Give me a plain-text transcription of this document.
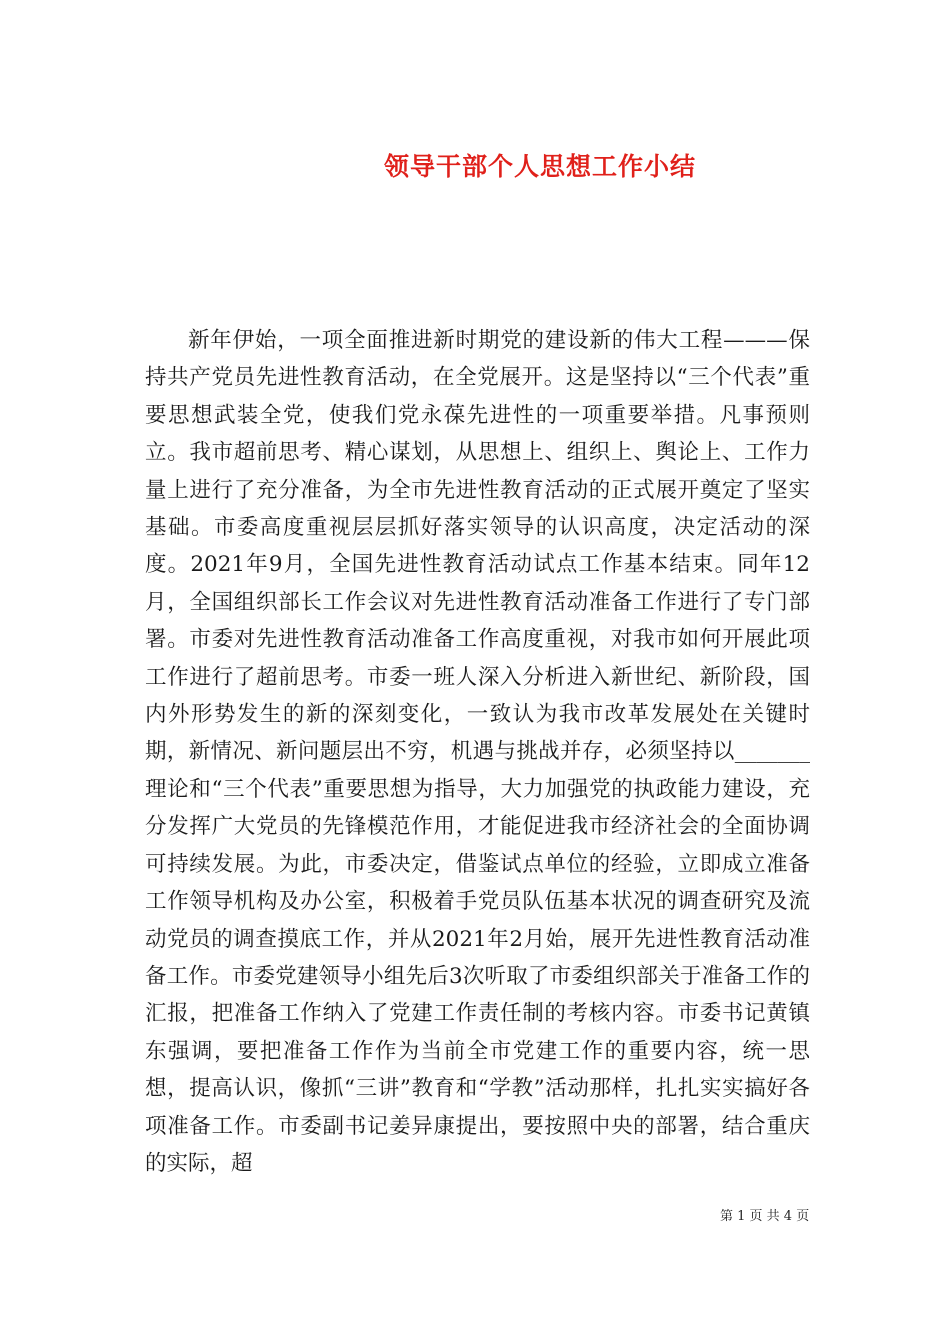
领导干部个人思想工作小结

新年伊始，一项全面推进新时期党的建设新的伟大工程———保持共产党员先进性教育活动，在全党展开。这是坚持以“三个代表”重要思想武装全党，使我们党永葆先进性的一项重要举措。凡事预则立。我市超前思考、精心谋划，从思想上、组织上、舆论上、工作力量上进行了充分准备，为全市先进性教育活动的正式展开奠定了坚实基础。市委高度重视层层抓好落实领导的认识高度，决定活动的深度。2021年9月，全国先进性教育活动试点工作基本结束。同年12月，全国组织部长工作会议对先进性教育活动准备工作进行了专门部署。市委对先进性教育活动准备工作高度重视，对我市如何开展此项工作进行了超前思考。市委一班人深入分析进入新世纪、新阶段，国内外形势发生的新的深刻变化，一致认为我市改革发展处在关键时期，新情况、新问题层出不穷，机遇与挑战并存，必须坚持以_______理论和“三个代表”重要思想为指导，大力加强党的执政能力建设，充分发挥广大党员的先锋模范作用，才能促进我市经济社会的全面协调可持续发展。为此，市委决定，借鉴试点单位的经验，立即成立准备工作领导机构及办公室，积极着手党员队伍基本状况的调查研究及流动党员的调查摸底工作，并从2021年2月始，展开先进性教育活动准备工作。市委党建领导小组先后3次听取了市委组织部关于准备工作的汇报，把准备工作纳入了党建工作责任制的考核内容。市委书记黄镇东强调，要把准备工作作为当前全市党建工作的重要内容，统一思想，提高认识，像抓“三讲”教育和“学教”活动那样，扎扎实实搞好各项准备工作。市委副书记姜异康提出，要按照中央的部署，结合重庆的实际，超

第 1 页 共 4 页
